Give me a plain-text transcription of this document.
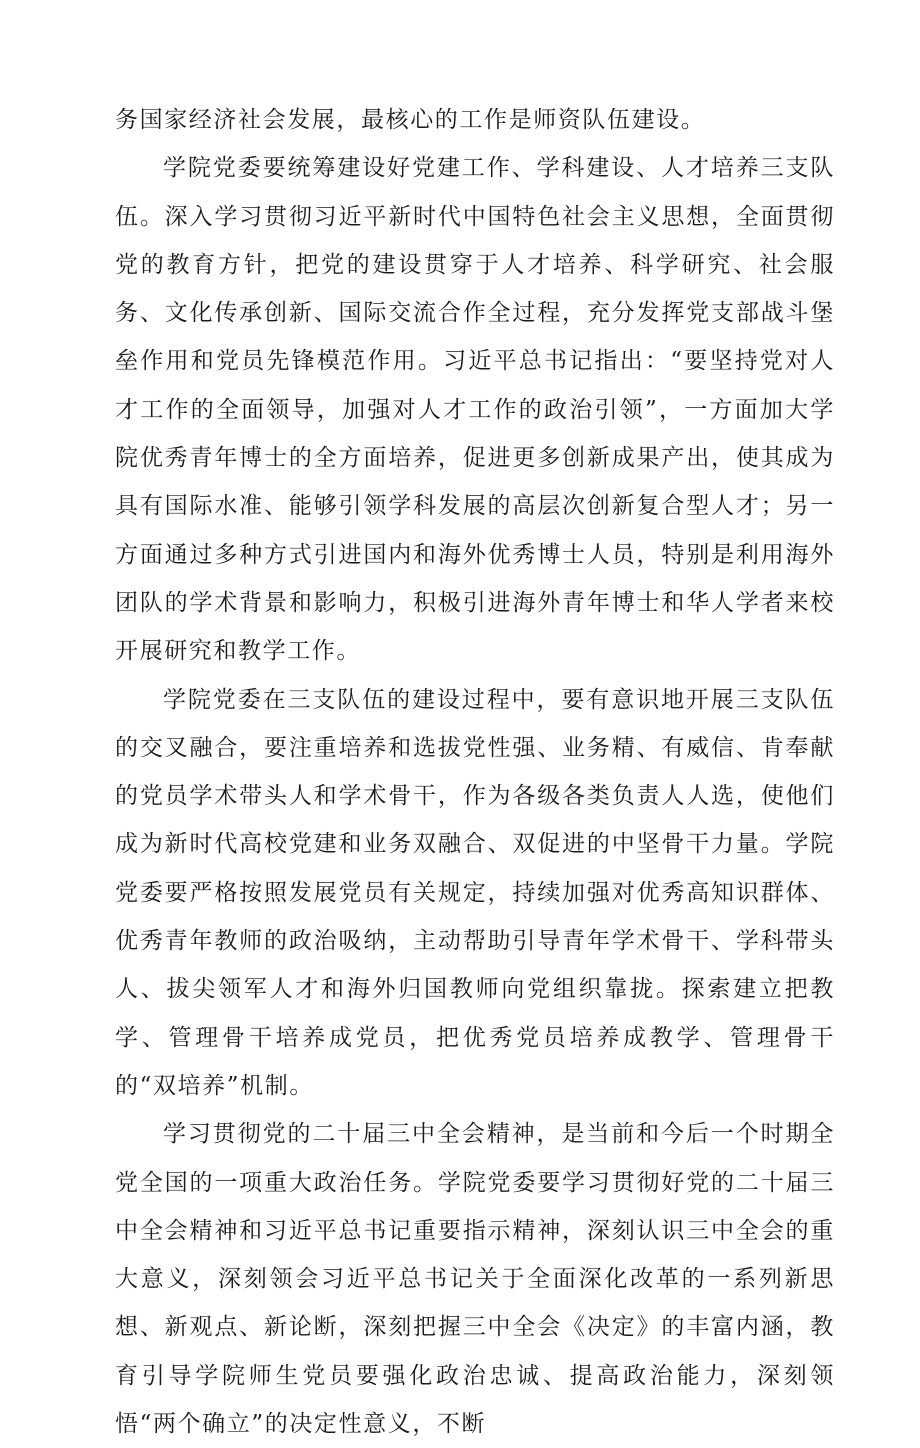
务国家经济社会发展，最核心的工作是师资队伍建设。

学院党委要统筹建设好党建工作、学科建设、人才培养三支队伍。深入学习贯彻习近平新时代中国特色社会主义思想，全面贯彻党的教育方针，把党的建设贯穿于人才培养、科学研究、社会服务、文化传承创新、国际交流合作全过程，充分发挥党支部战斗堡垒作用和党员先锋模范作用。习近平总书记指出：“要坚持党对人才工作的全面领导，加强对人才工作的政治引领”，一方面加大学院优秀青年博士的全方面培养，促进更多创新成果产出，使其成为具有国际水准、能够引领学科发展的高层次创新复合型人才；另一方面通过多种方式引进国内和海外优秀博士人员，特别是利用海外团队的学术背景和影响力，积极引进海外青年博士和华人学者来校开展研究和教学工作。

学院党委在三支队伍的建设过程中，要有意识地开展三支队伍的交叉融合，要注重培养和选拔党性强、业务精、有威信、肯奉献的党员学术带头人和学术骨干，作为各级各类负责人人选，使他们成为新时代高校党建和业务双融合、双促进的中坚骨干力量。学院党委要严格按照发展党员有关规定，持续加强对优秀高知识群体、优秀青年教师的政治吸纳，主动帮助引导青年学术骨干、学科带头人、拔尖领军人才和海外归国教师向党组织靠拢。探索建立把教学、管理骨干培养成党员，把优秀党员培养成教学、管理骨干的“双培养”机制。

学习贯彻党的二十届三中全会精神，是当前和今后一个时期全党全国的一项重大政治任务。学院党委要学习贯彻好党的二十届三中全会精神和习近平总书记重要指示精神，深刻认识三中全会的重大意义，深刻领会习近平总书记关于全面深化改革的一系列新思想、新观点、新论断，深刻把握三中全会《决定》的丰富内涵，教育引导学院师生党员要强化政治忠诚、提高政治能力，深刻领悟“两个确立”的决定性意义，不断
